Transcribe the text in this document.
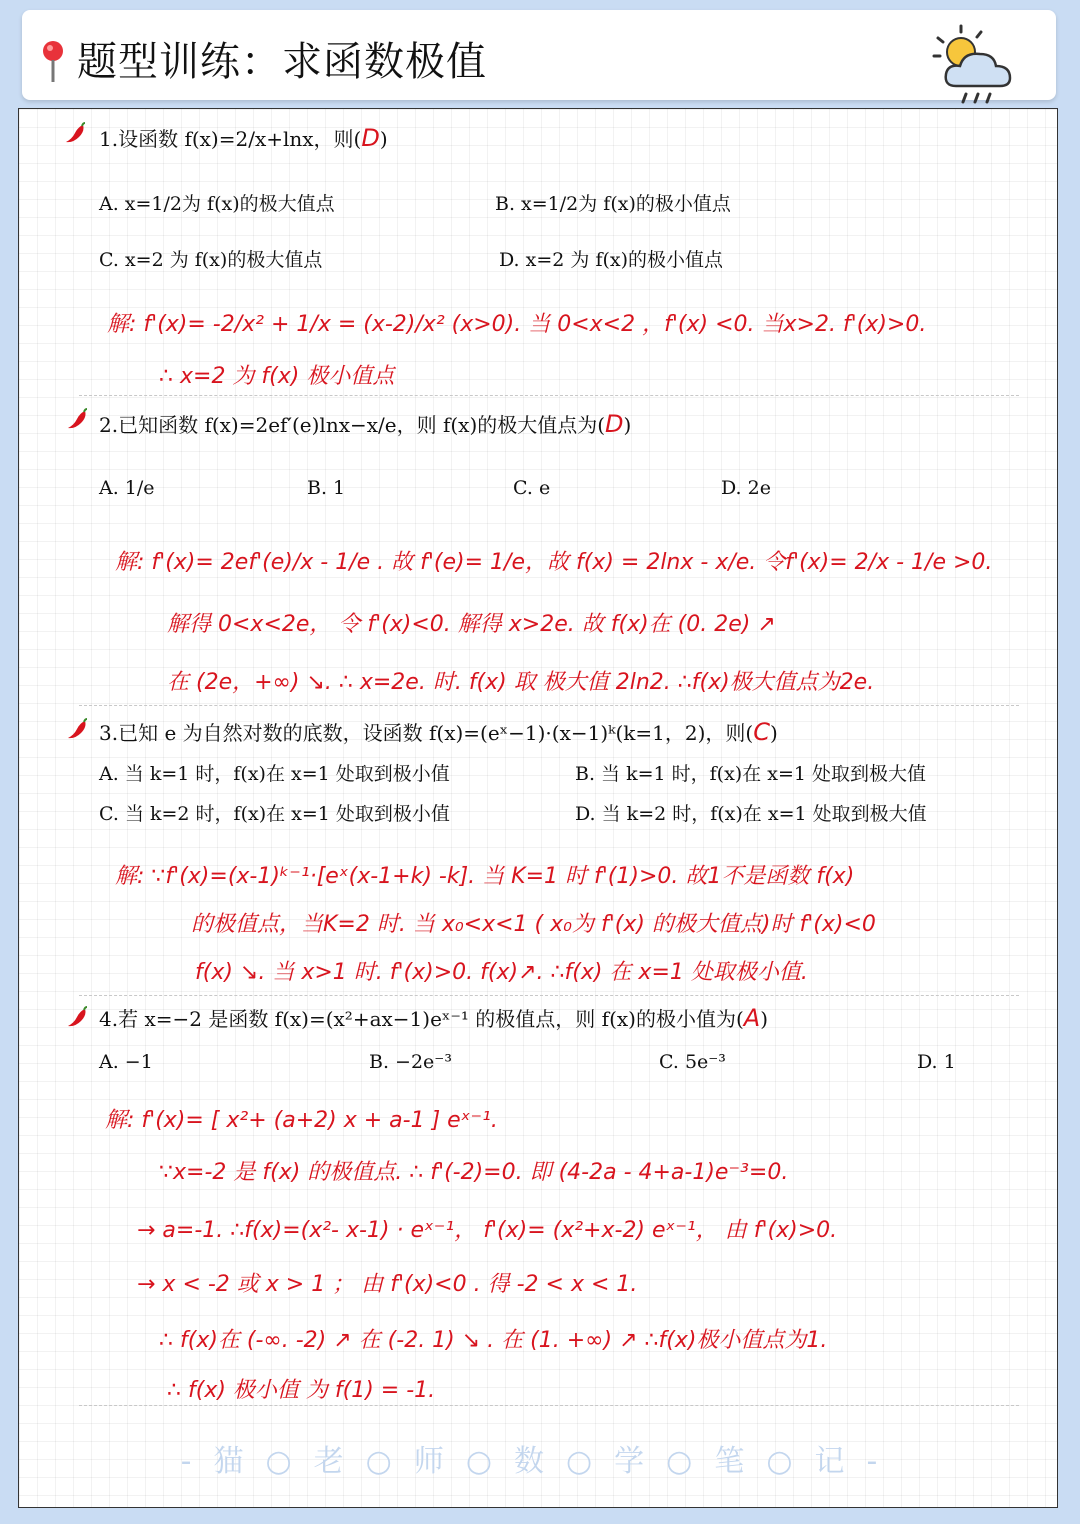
题型训练：求函数极值
1.设函数 f(x)=2/x+lnx，则(D)
A. x=1/2为 f(x)的极大值点	B. x=1/2为 f(x)的极小值点
C. x=2 为 f(x)的极大值点	D. x=2 为 f(x)的极小值点
解: f'(x)= -2/x² + 1/x = (x-2)/x² (x>0). 当 0<x<2 ，f'(x) <0. 当x>2. f'(x)>0.
∴ x=2 为 f(x) 极小值点
2.已知函数 f(x)=2ef′(e)lnx−x/e，则 f(x)的极大值点为(D)
A. 1/e	B. 1	C. e	D. 2e
解: f'(x)= 2ef'(e)/x - 1/e . 故 f'(e)= 1/e，故 f(x) = 2lnx - x/e. 令f'(x)= 2/x - 1/e >0.
解得 0<x<2e， 令 f'(x)<0. 解得 x>2e. 故 f(x)在 (0. 2e) ↗
在 (2e，+∞) ↘. ∴ x=2e. 时. f(x) 取 极大值 2ln2. ∴f(x)极大值点为2e.
3.已知 e 为自然对数的底数，设函数 f(x)=(eˣ−1)·(x−1)ᵏ(k=1，2)，则(C)
A. 当 k=1 时，f(x)在 x=1 处取到极小值	B. 当 k=1 时，f(x)在 x=1 处取到极大值
C. 当 k=2 时，f(x)在 x=1 处取到极小值	D. 当 k=2 时，f(x)在 x=1 处取到极大值
解: ∵f'(x)=(x-1)ᵏ⁻¹·[eˣ(x-1+k) -k]. 当 K=1 时 f'(1)>0. 故1不是函数 f(x)
的极值点，当K=2 时. 当 x₀<x<1 ( x₀为 f'(x) 的极大值点)时 f'(x)<0
f(x) ↘. 当 x>1 时. f'(x)>0. f(x)↗. ∴f(x) 在 x=1 处取极小值.
4.若 x=−2 是函数 f(x)=(x²+ax−1)eˣ⁻¹ 的极值点，则 f(x)的极小值为(A)
A. −1	B. −2e⁻³	C. 5e⁻³	D. 1
解: f'(x)= [ x²+ (a+2) x + a-1 ] eˣ⁻¹.
∵x=-2 是 f(x) 的极值点. ∴ f'(-2)=0. 即 (4-2a - 4+a-1)e⁻³=0.
→ a=-1. ∴f(x)=(x²- x-1) · eˣ⁻¹， f'(x)= (x²+x-2) eˣ⁻¹， 由 f'(x)>0.
→ x < -2 或 x > 1 ； 由 f'(x)<0 . 得 -2 < x < 1.
∴ f(x)在 (-∞. -2) ↗ 在 (-2. 1) ↘ . 在 (1. +∞) ↗ ∴f(x)极小值点为1.
∴ f(x) 极小值 为 f(1) = -1.
-猫○老○师○数○学○笔○记-
